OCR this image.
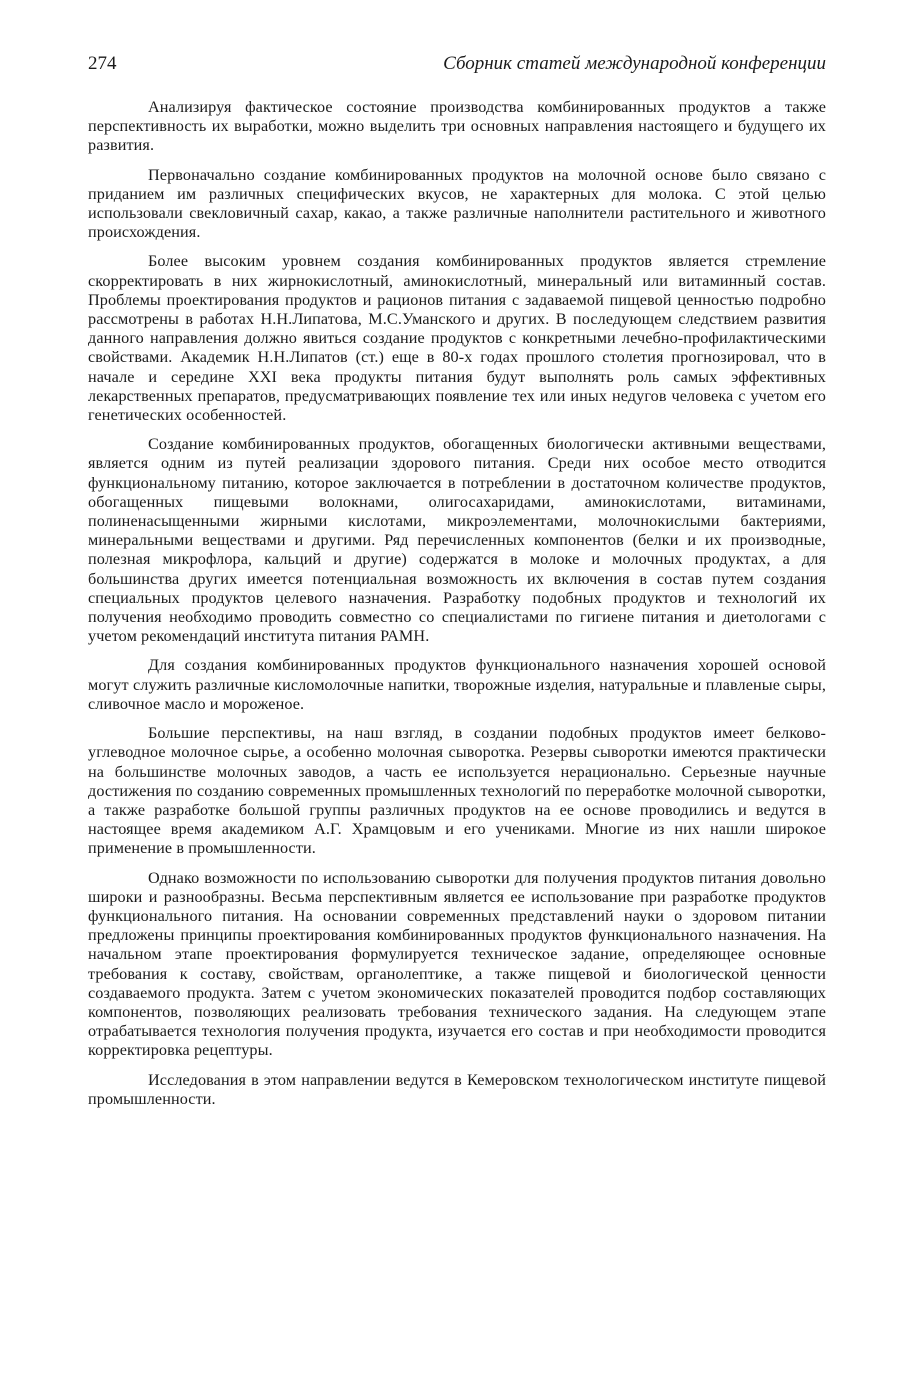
274	Сборник статей международной конференции

Анализируя фактическое состояние производства комбинированных продуктов а также перспективность их выработки, можно выделить три основных направления настоящего и будущего их развития.

Первоначально создание комбинированных продуктов на молочной основе было связано с приданием им различных специфических вкусов, не характерных для молока. С этой целью использовали свекловичный сахар, какао, а также различные наполнители растительного и животного происхождения.

Более высоким уровнем создания комбинированных продуктов является стремление скорректировать в них жирнокислотный, аминокислотный, минеральный или витаминный состав. Проблемы проектирования продуктов и рационов питания с задаваемой пищевой ценностью подробно рассмотрены в работах Н.Н.Липатова, М.С.Уманского и других. В последующем следствием развития данного направления должно явиться создание продуктов с конкретными лечебно-профилактическими свойствами. Академик Н.Н.Липатов (ст.) еще в 80-х годах прошлого столетия прогнозировал, что в начале и середине XXI века продукты питания будут выполнять роль самых эффективных лекарственных препаратов, предусматривающих появление тех или иных недугов человека с учетом его генетических особенностей.

Создание комбинированных продуктов, обогащенных биологически активными веществами, является одним из путей реализации здорового питания. Среди них особое место отводится функциональному питанию, которое заключается в потреблении в достаточном количестве продуктов, обогащенных пищевыми волокнами, олигосахаридами, аминокислотами, витаминами, полиненасыщенными жирными кислотами, микроэлементами, молочнокислыми бактериями, минеральными веществами и другими. Ряд перечисленных компонентов (белки и их производные, полезная микрофлора, кальций и другие) содержатся в молоке и молочных продуктах, а для большинства других имеется потенциальная возможность их включения в состав путем создания специальных продуктов целевого назначения. Разработку подобных продуктов и технологий их получения необходимо проводить совместно со специалистами по гигиене питания и диетологами с учетом рекомендаций института питания РАМН.

Для создания комбинированных продуктов функционального назначения хорошей основой могут служить различные кисломолочные напитки, творожные изделия, натуральные и плавленые сыры, сливочное масло и мороженое.

Большие перспективы, на наш взгляд, в создании подобных продуктов имеет белково-углеводное молочное сырье, а особенно молочная сыворотка. Резервы сыворотки имеются практически на большинстве молочных заводов, а часть ее используется нерационально. Серьезные научные достижения по созданию современных промышленных технологий по переработке молочной сыворотки, а также разработке большой группы различных продуктов на ее основе проводились и ведутся в настоящее время академиком А.Г. Храмцовым и его учениками. Многие из них нашли широкое применение в промышленности.

Однако возможности по использованию сыворотки для получения продуктов питания довольно широки и разнообразны. Весьма перспективным является ее использование при разработке продуктов функционального питания. На основании современных представлений науки о здоровом питании предложены принципы проектирования комбинированных продуктов функционального назначения. На начальном этапе проектирования формулируется техническое задание, определяющее основные требования к составу, свойствам, органолептике, а также пищевой и биологической ценности создаваемого продукта. Затем с учетом экономических показателей проводится подбор составляющих компонентов, позволяющих реализовать требования технического задания. На следующем этапе отрабатывается технология получения продукта, изучается его состав и при необходимости проводится корректировка рецептуры.

Исследования в этом направлении ведутся в Кемеровском технологическом институте пищевой промышленности.
